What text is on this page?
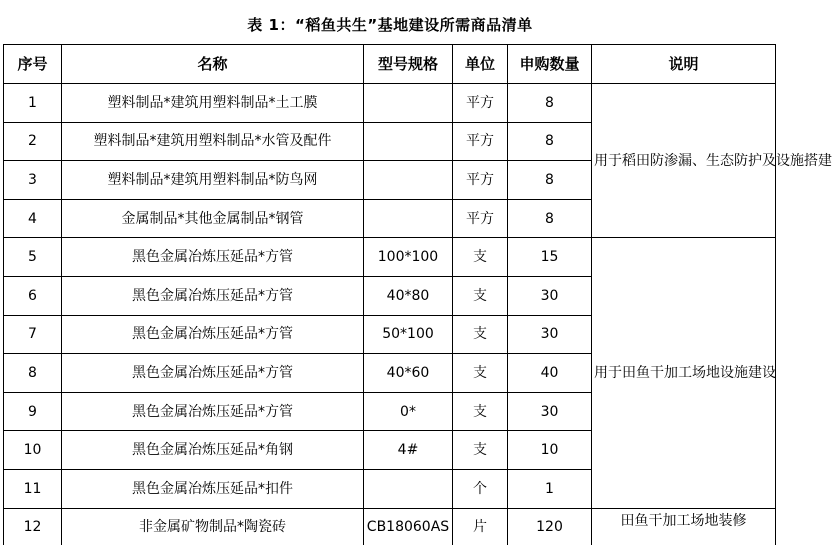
表 1：“稻鱼共生”基地建设所需商品清单
序号	名称	型号规格	单位	申购数量	说明
1	塑料制品*建筑用塑料制品*土工膜		平方	8	用于稻田防渗漏、生态防护及设施搭建
2	塑料制品*建筑用塑料制品*水管及配件		平方	8	
3	塑料制品*建筑用塑料制品*防鸟网		平方	8	
4	金属制品*其他金属制品*钢管		平方	8	
5	黑色金属冶炼压延品*方管	100*100	支	15	用于田鱼干加工场地设施建设
6	黑色金属冶炼压延品*方管	40*80	支	30	
7	黑色金属冶炼压延品*方管	50*100	支	30	
8	黑色金属冶炼压延品*方管	40*60	支	40	
9	黑色金属冶炼压延品*方管	0*	支	30	
10	黑色金属冶炼压延品*角钢	4#	支	10	
11	黑色金属冶炼压延品*扣件		个	1	
12	非金属矿物制品*陶瓷砖	CB18060AS	片	120	田鱼干加工场地装修
